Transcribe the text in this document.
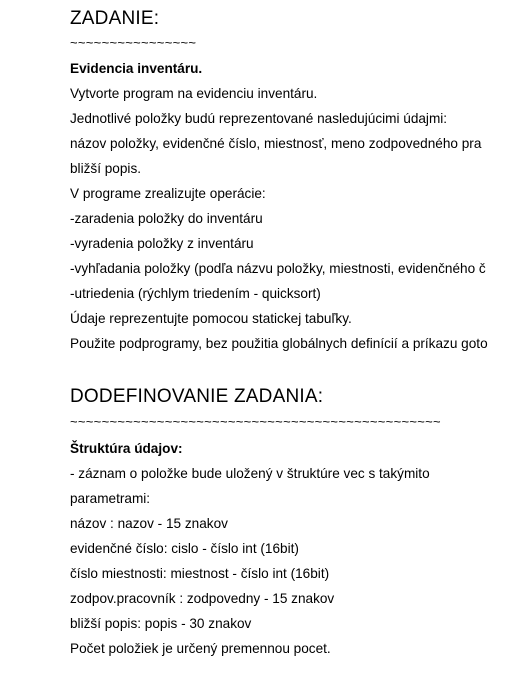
ZADANIE:
~~~~~~~~~~~~~~~~
Evidencia inventáru.
Vytvorte program na evidenciu inventáru.
Jednotlivé položky budú reprezentované nasledujúcimi údajmi:
názov položky, evidenčné číslo, miestnosť, meno zodpovedného pra
bližší popis.
V programe zrealizujte operácie:
-zaradenia položky do inventáru
-vyradenia položky z inventáru
-vyhľadania položky (podľa názvu položky, miestnosti, evidenčného č
-utriedenia (rýchlym triedením - quicksort)
Údaje reprezentujte pomocou statickej tabuľky.
Použite podprogramy, bez použitia globálnych definícií a príkazu goto
DODEFINOVANIE ZADANIA:
~~~~~~~~~~~~~~~~~~~~~~~~~~~~~~~~~~~~~~~~~~~~~~~
Štruktúra údajov:
- záznam o položke bude uložený v štruktúre vec s takýmito
parametrami:
názov : nazov - 15 znakov
evidenčné číslo: cislo - číslo int (16bit)
číslo miestnosti: miestnost - číslo int (16bit)
zodpov.pracovník : zodpovedny - 15 znakov
bližší popis: popis - 30 znakov
Počet položiek je určený premennou pocet.
